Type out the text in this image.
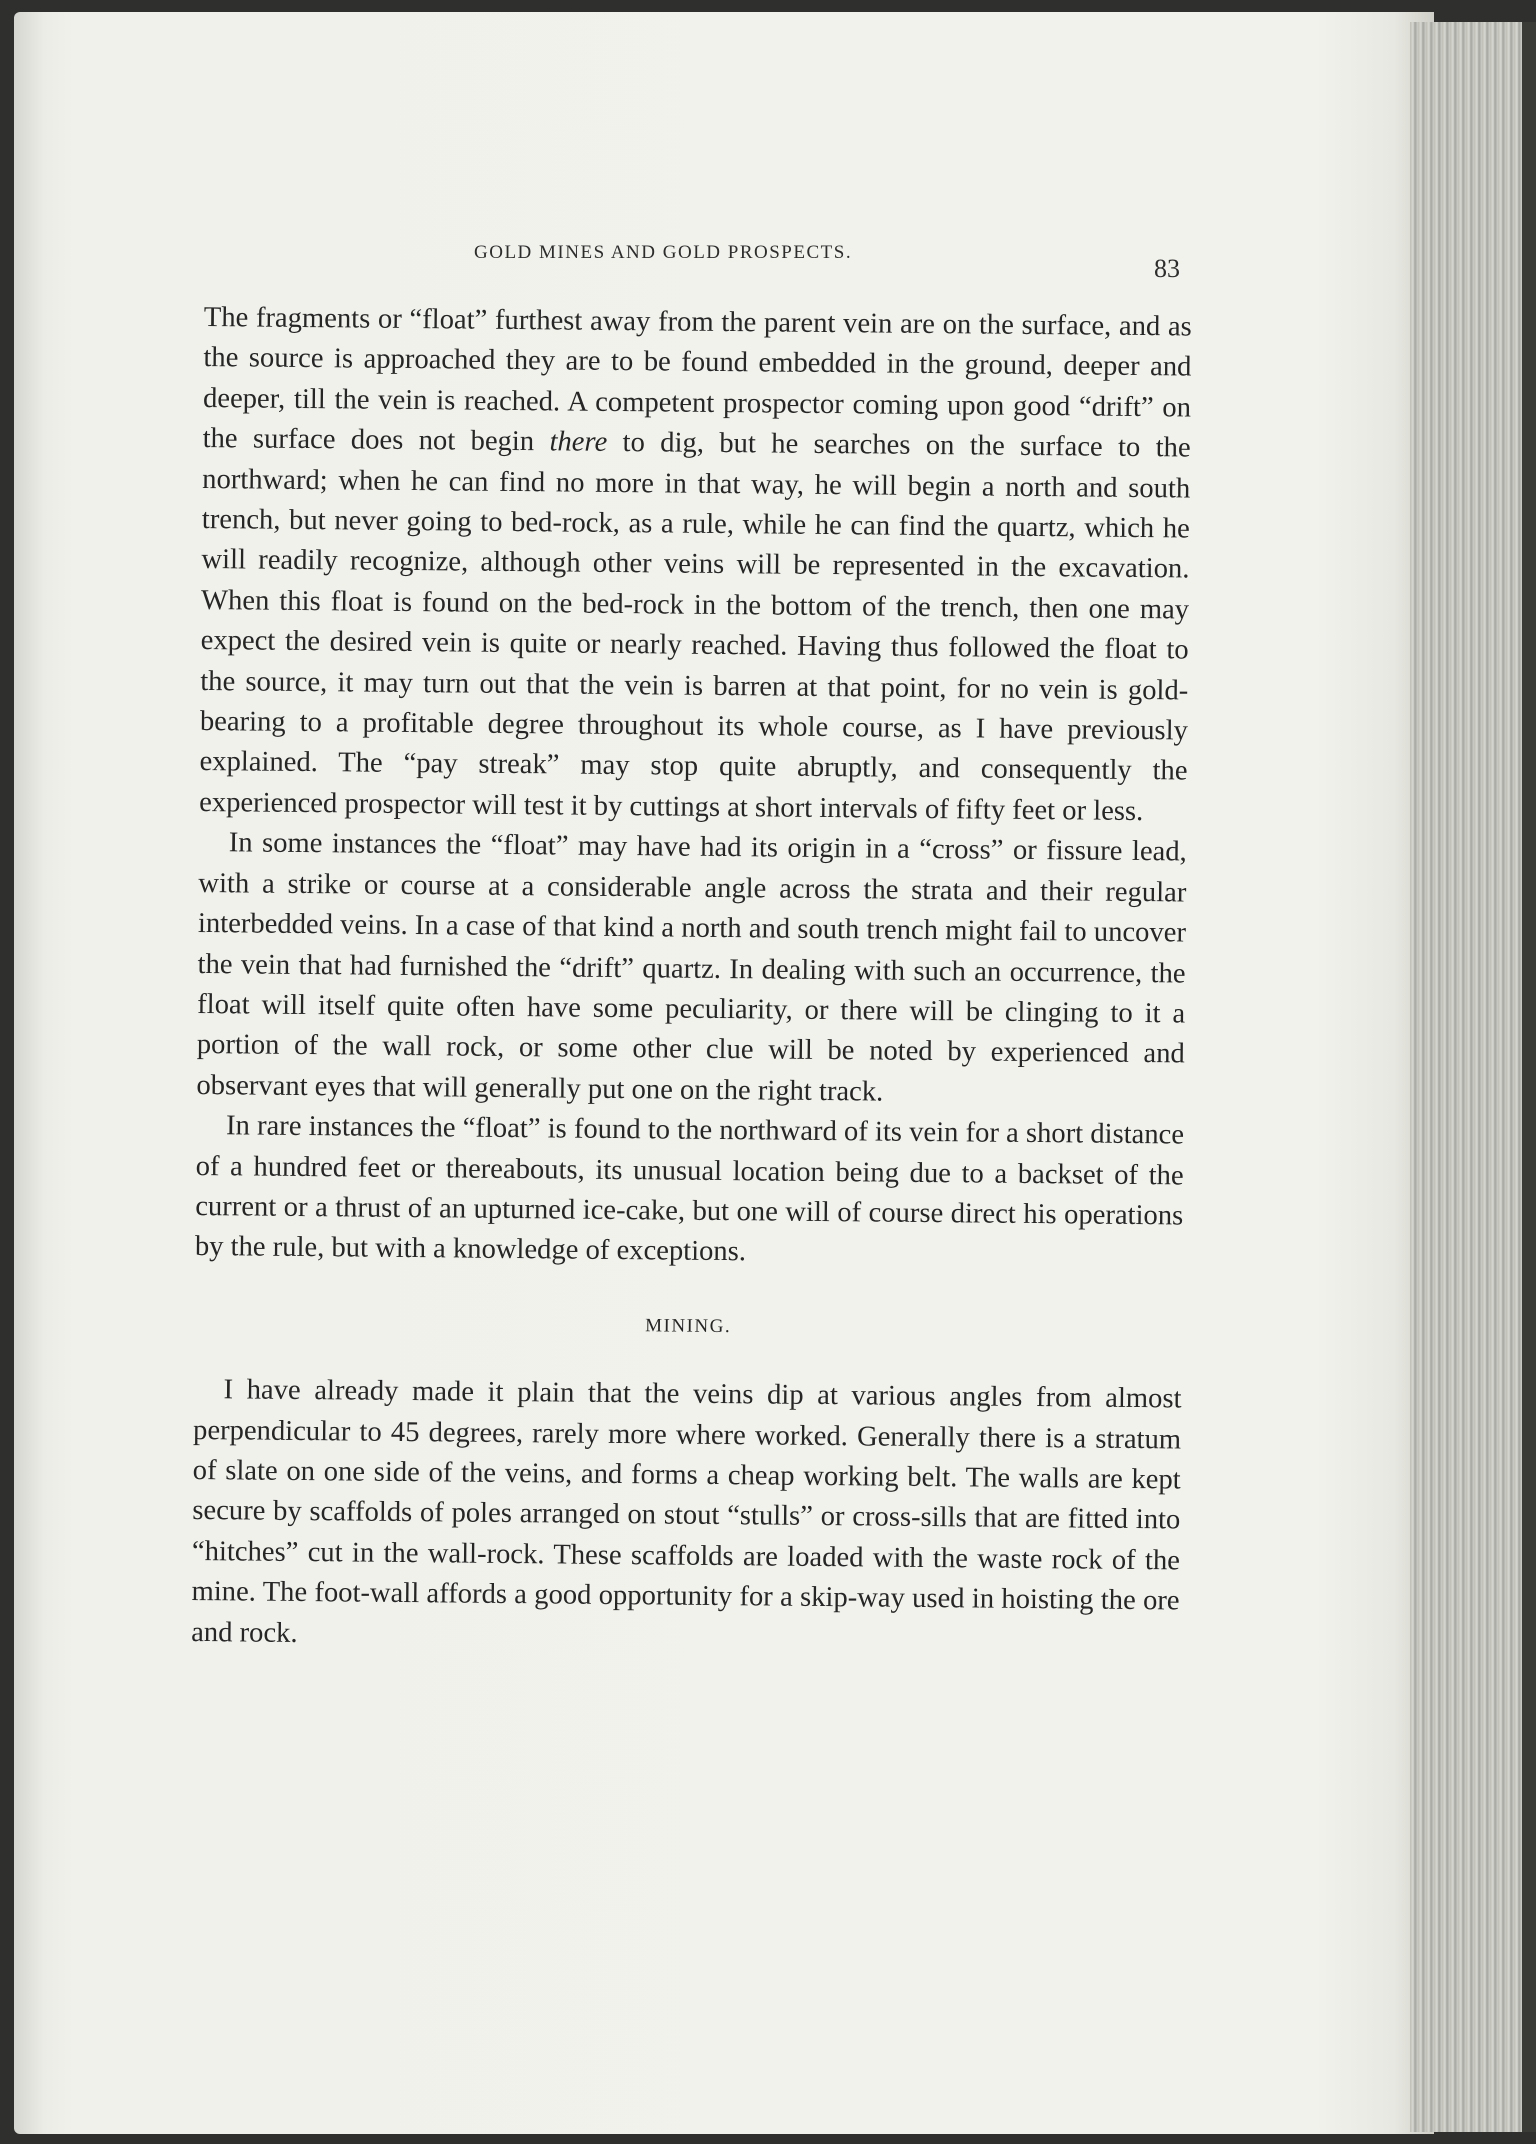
GOLD MINES AND GOLD PROSPECTS.
83

The fragments or “float” furthest away from the parent vein are on the surface, and as the source is approached they are to be found embedded in the ground, deeper and deeper, till the vein is reached. A competent prospector coming upon good “drift” on the surface does not begin there to dig, but he searches on the surface to the northward; when he can find no more in that way, he will begin a north and south trench, but never going to bed-rock, as a rule, while he can find the quartz, which he will readily recognize, although other veins will be represented in the excavation. When this float is found on the bed-rock in the bottom of the trench, then one may expect the desired vein is quite or nearly reached. Having thus followed the float to the source, it may turn out that the vein is barren at that point, for no vein is gold-bearing to a profitable degree throughout its whole course, as I have previously explained. The “pay streak” may stop quite abruptly, and consequently the experienced prospector will test it by cuttings at short intervals of fifty feet or less.

In some instances the “float” may have had its origin in a “cross” or fissure lead, with a strike or course at a considerable angle across the strata and their regular interbedded veins. In a case of that kind a north and south trench might fail to uncover the vein that had furnished the “drift” quartz. In dealing with such an occurrence, the float will itself quite often have some peculiarity, or there will be clinging to it a portion of the wall rock, or some other clue will be noted by experienced and observant eyes that will generally put one on the right track.

In rare instances the “float” is found to the northward of its vein for a short distance of a hundred feet or thereabouts, its unusual location being due to a backset of the current or a thrust of an upturned ice-cake, but one will of course direct his operations by the rule, but with a knowledge of exceptions.

MINING.

I have already made it plain that the veins dip at various angles from almost perpendicular to 45 degrees, rarely more where worked. Generally there is a stratum of slate on one side of the veins, and forms a cheap working belt. The walls are kept secure by scaffolds of poles arranged on stout “stulls” or cross-sills that are fitted into “hitches” cut in the wall-rock. These scaffolds are loaded with the waste rock of the mine. The foot-wall affords a good opportunity for a skip-way used in hoisting the ore and rock.
